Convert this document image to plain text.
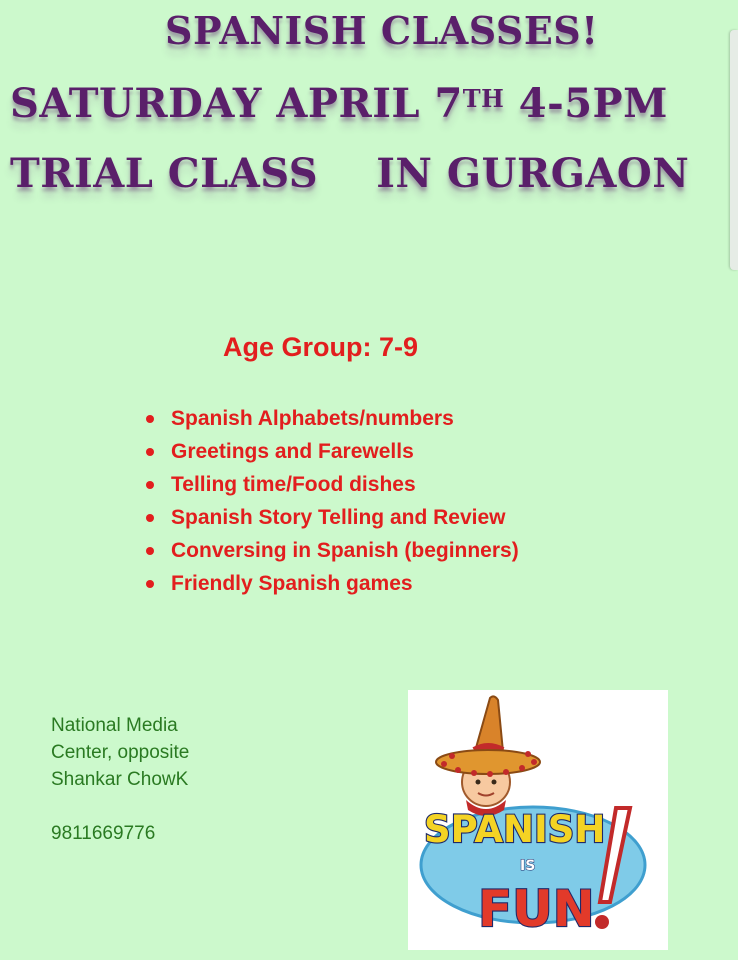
SPANISH CLASSES!
SATURDAY APRIL 7TH 4-5PM
TRIAL CLASS IN GURGAON

Age Group: 7-9

Spanish Alphabets/numbers
Greetings and Farewells
Telling time/Food dishes
Spanish Story Telling and Review
Conversing in Spanish (beginners)
Friendly Spanish games
National Media
Center, opposite
Shankar ChowK
9811669776	SPANISH
IS
FUN
